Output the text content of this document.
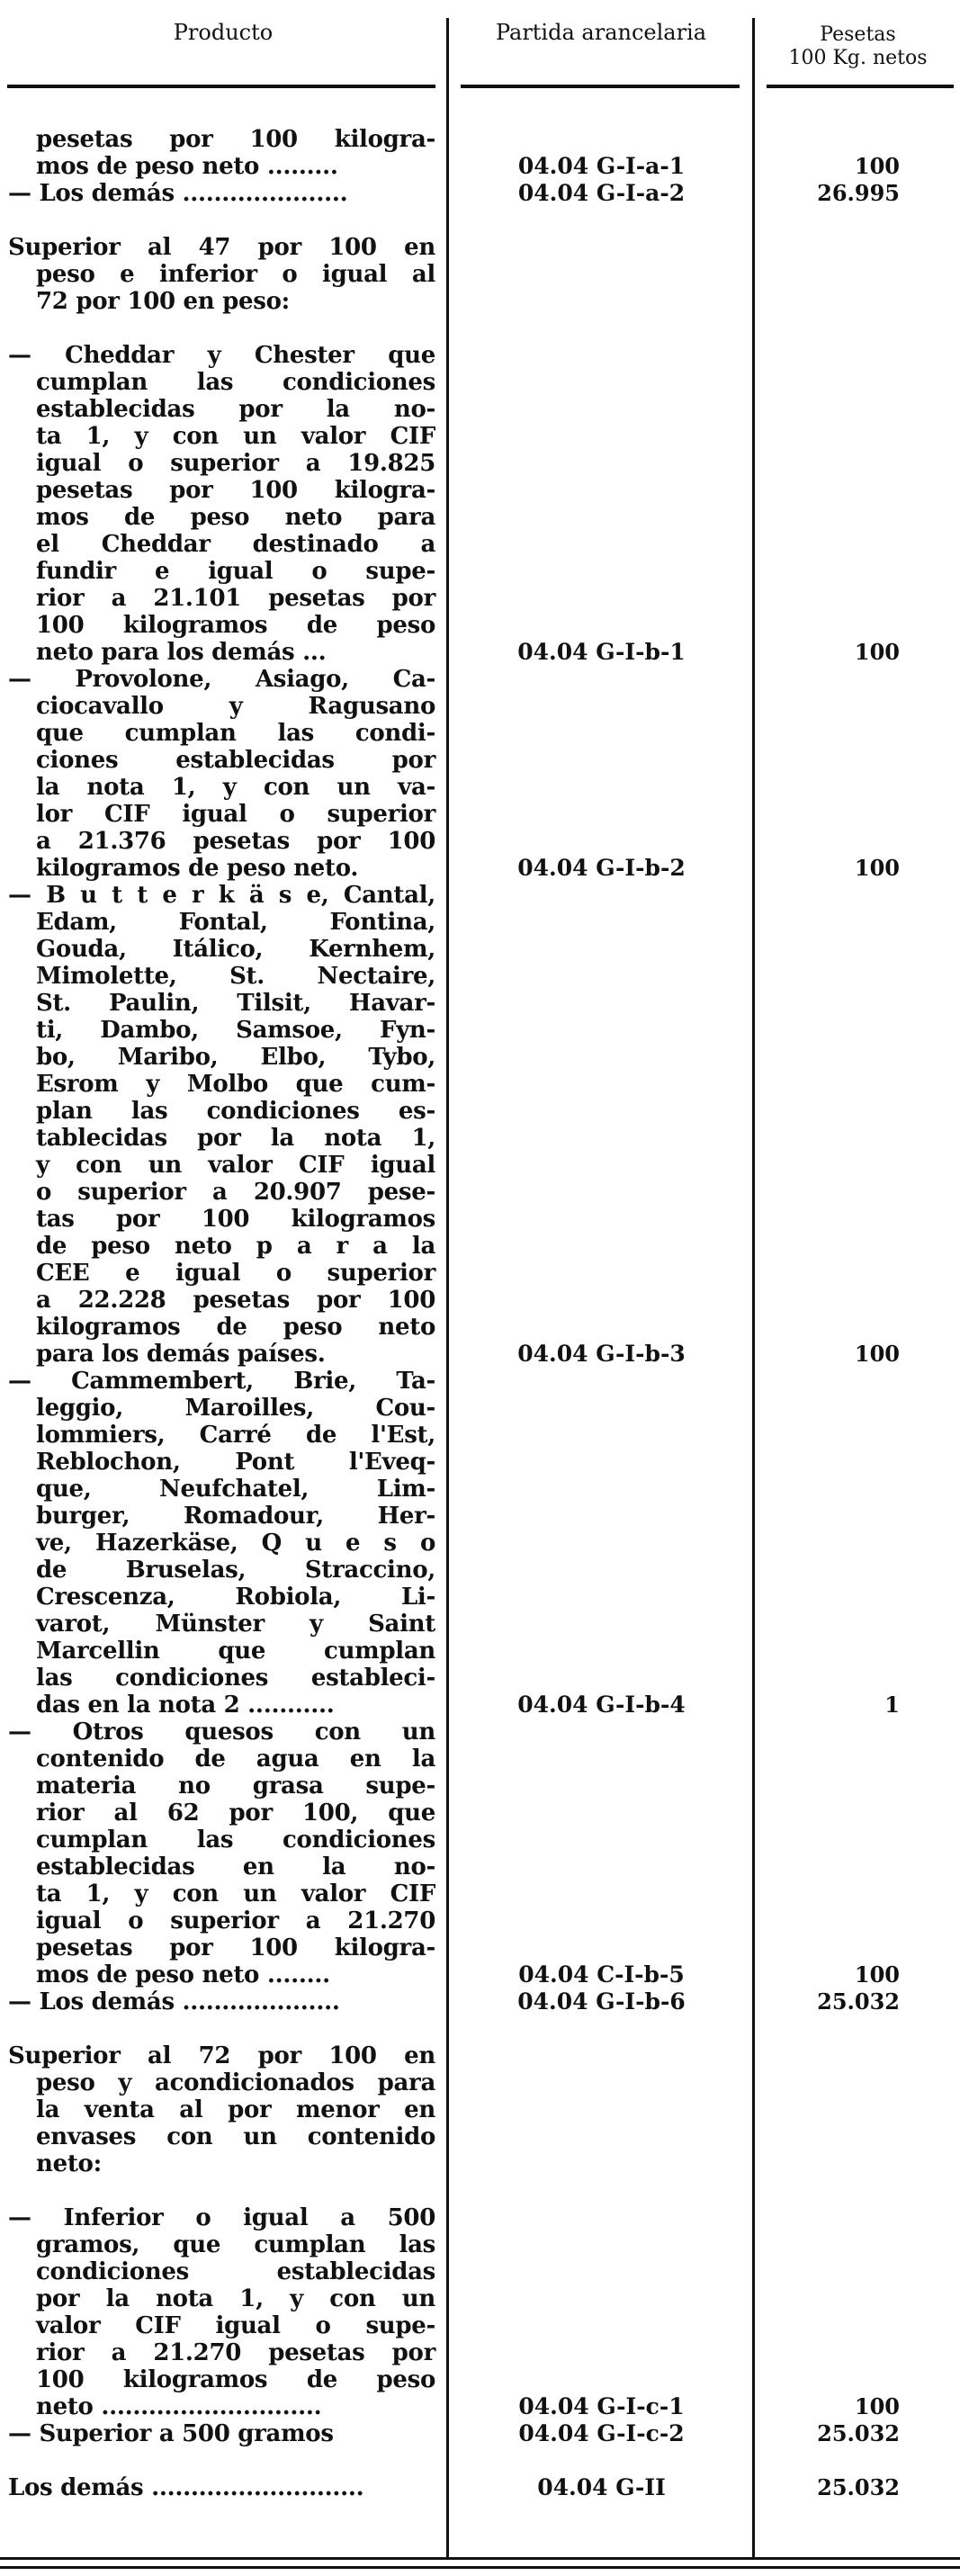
Producto	Partida arancelaria	Pesetas
100 Kg. netos
pesetas por 100 kilogra-
mos de peso neto .........	04.04 G-I-a-1	100
— Los demás .....................	04.04 G-I-a-2	26.995
Superior al 47 por 100 en
peso e inferior o igual al
72 por 100 en peso:
— Cheddar y Chester que
cumplan las condiciones
establecidas por la no-
ta 1, y con un valor CIF
igual o superior a 19.825
pesetas por 100 kilogra-
mos de peso neto para
el Cheddar destinado a
fundir e igual o supe-
rior a 21.101 pesetas por
100 kilogramos de peso
neto para los demás ...	04.04 G-I-b-1	100
— Provolone, Asiago, Ca-
ciocavallo y Ragusano
que cumplan las condi-
ciones establecidas por
la nota 1, y con un va-
lor CIF igual o superior
a 21.376 pesetas por 100
kilogramos de peso neto.	04.04 G-I-b-2	100
— B u t t e r k ä s e, Cantal,
Edam, Fontal, Fontina,
Gouda, Itálico, Kernhem,
Mimolette, St. Nectaire,
St. Paulin, Tilsit, Havar-
ti, Dambo, Samsoe, Fyn-
bo, Maribo, Elbo, Tybo,
Esrom y Molbo que cum-
plan las condiciones es-
tablecidas por la nota 1,
y con un valor CIF igual
o superior a 20.907 pese-
tas por 100 kilogramos
de peso neto p a r a la
CEE e igual o superior
a 22.228 pesetas por 100
kilogramos de peso neto
para los demás países.	04.04 G-I-b-3	100
— Cammembert, Brie, Ta-
leggio, Maroilles, Cou-
lommiers, Carré de l'Est,
Reblochon, Pont l'Eveq-
que, Neufchatel, Lim-
burger, Romadour, Her-
ve, Hazerkäse, Q u e s o
de Bruselas, Straccino,
Crescenza, Robiola, Li-
varot, Münster y Saint
Marcellin que cumplan
las condiciones estableci-
das en la nota 2 ...........	04.04 G-I-b-4	1
— Otros quesos con un
contenido de agua en la
materia no grasa supe-
rior al 62 por 100, que
cumplan las condiciones
establecidas en la no-
ta 1, y con un valor CIF
igual o superior a 21.270
pesetas por 100 kilogra-
mos de peso neto ........	04.04 C-I-b-5	100
— Los demás ....................	04.04 G-I-b-6	25.032
Superior al 72 por 100 en
peso y acondicionados para
la venta al por menor en
envases con un contenido
neto:
— Inferior o igual a 500
gramos, que cumplan las
condiciones establecidas
por la nota 1, y con un
valor CIF igual o supe-
rior a 21.270 pesetas por
100 kilogramos de peso
neto ............................	04.04 G-I-c-1	100
— Superior a 500 gramos	04.04 G-I-c-2	25.032
Los demás ...........................	04.04 G-II	25.032
